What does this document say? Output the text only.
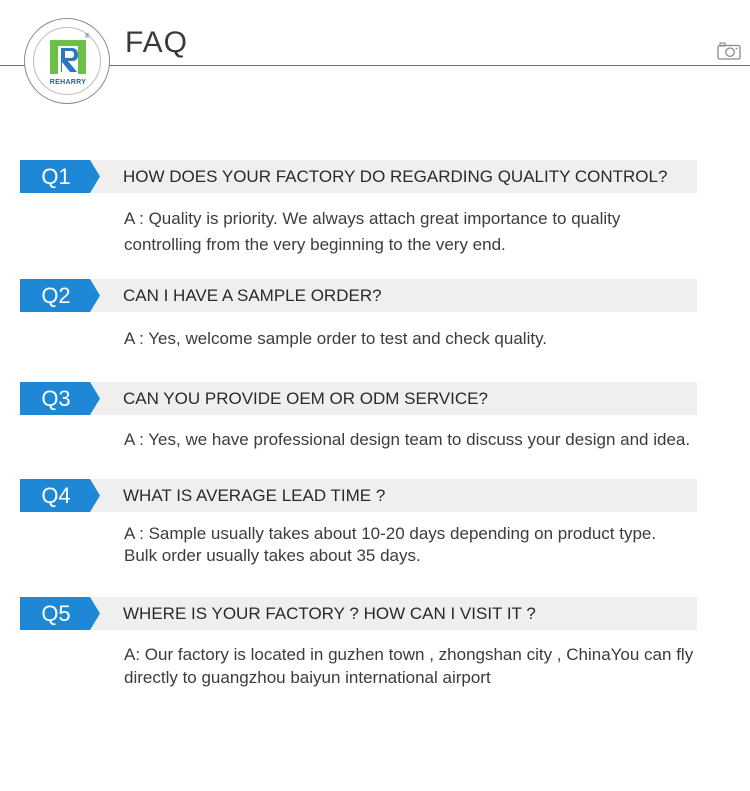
®
REHARRY
FAQ
Q1	HOW DOES YOUR FACTORY DO REGARDING QUALITY CONTROL?
A : Quality is priority. We always attach great importance to quality
controlling from the very beginning to the very end.
Q2	CAN I HAVE A SAMPLE ORDER?
A : Yes, welcome sample order to test and check quality.
Q3	CAN YOU PROVIDE OEM OR ODM SERVICE?
A : Yes, we have professional design team to discuss your design and idea.
Q4	WHAT IS AVERAGE LEAD TIME ?
A : Sample usually takes about 10-20 days depending on product type.
Bulk order usually takes about 35 days.
Q5	WHERE IS YOUR FACTORY ? HOW CAN I VISIT IT ?
A: Our factory is located in guzhen town , zhongshan city , ChinaYou can fly
directly to guangzhou baiyun international airport
